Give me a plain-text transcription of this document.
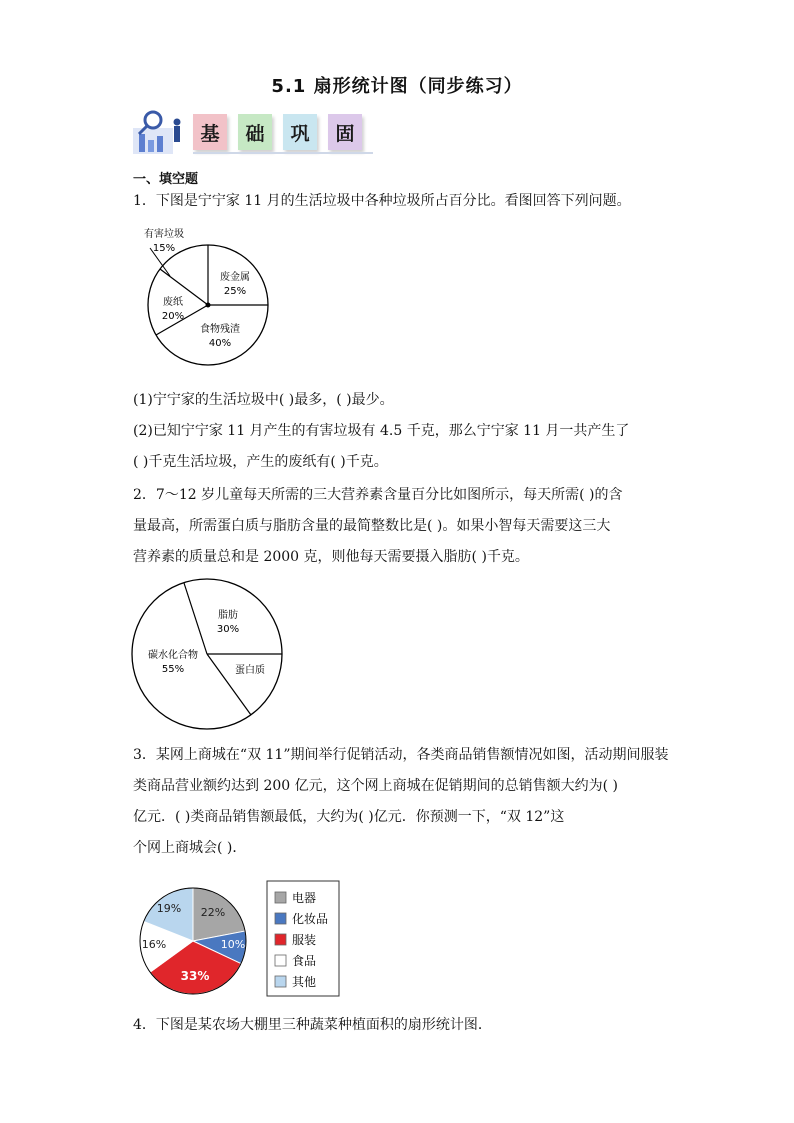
5.1 扇形统计图（同步练习）
基	础	巩	固
一、填空题
1．下图是宁宁家 11 月的生活垃圾中各种垃圾所占百分比。看图回答下列问题。
废金属
25%
食物残渣
40%
废纸
20%
有害垃圾
15%
(1)宁宁家的生活垃圾中( )最多，( )最少。
(2)已知宁宁家 11 月产生的有害垃圾有 4.5 千克，那么宁宁家 11 月一共产生了
( )千克生活垃圾，产生的废纸有( )千克。
2．7～12 岁儿童每天所需的三大营养素含量百分比如图所示，每天所需( )的含
量最高，所需蛋白质与脂肪含量的最简整数比是( )。如果小智每天需要这三大
营养素的质量总和是 2000 克，则他每天需要摄入脂肪( )千克。
脂肪
30%
蛋白质
碳水化合物
55%
3．某网上商城在“双 11”期间举行促销活动，各类商品销售额情况如图，活动期间服装
类商品营业额约达到 200 亿元，这个网上商城在促销期间的总销售额大约为( )
亿元．( )类商品销售额最低，大约为( )亿元．你预测一下，“双 12”这
个网上商城会( )．
22%
10%
33%
16%
19%
电器
化妆品
服装
食品
其他
4．下图是某农场大棚里三种蔬菜种植面积的扇形统计图．
